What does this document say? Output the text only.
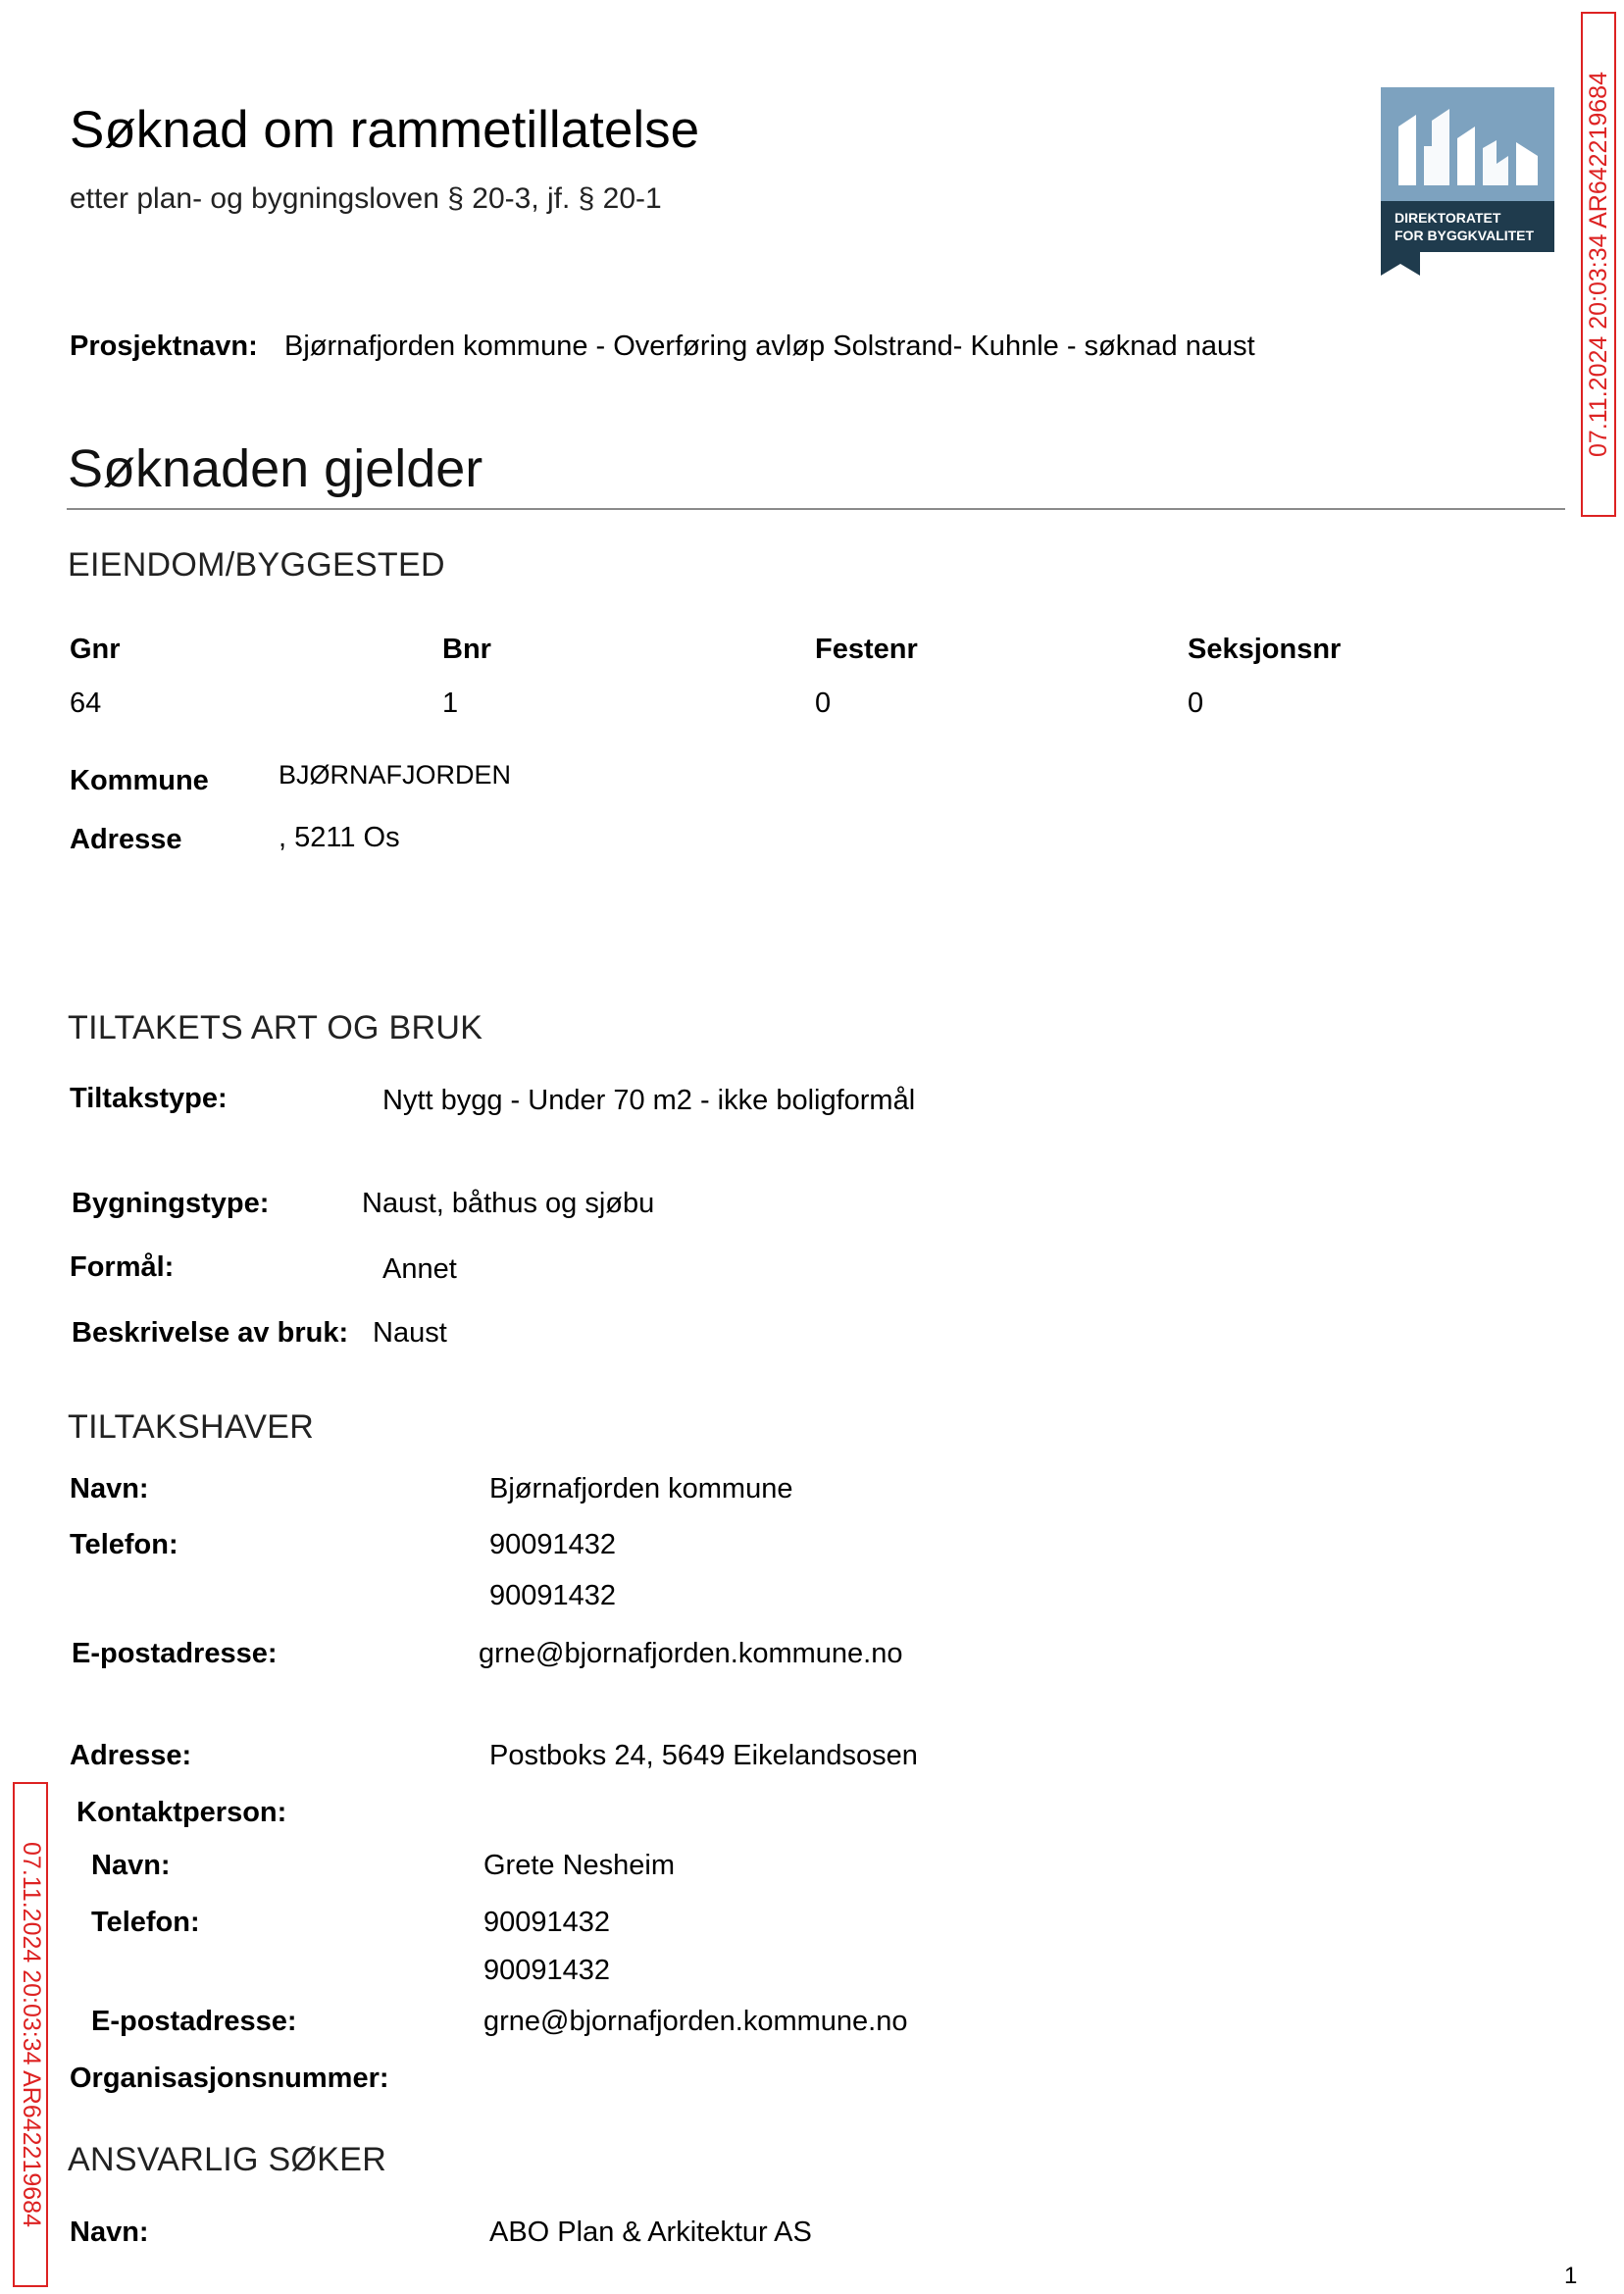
Søknad om rammetillatelse
etter plan- og bygningsloven § 20-3, jf. § 20-1
DIREKTORATET
FOR BYGGKVALITET
Prosjektnavn: Bjørnafjorden kommune - Overføring avløp Solstrand- Kuhnle - søknad naust
Søknaden gjelder
EIENDOM/BYGGESTED
Gnr	Bnr	Festenr	Seksjonsnr
64	1	0	0
Kommune	BJØRNAFJORDEN
Adresse	, 5211 Os
TILTAKETS ART OG BRUK
Tiltakstype:	Nytt bygg - Under 70 m2 - ikke boligformål
Bygningstype:	Naust, båthus og sjøbu
Formål:	Annet
Beskrivelse av bruk: Naust
TILTAKSHAVER
Navn:	Bjørnafjorden kommune
Telefon:	90091432
90091432
E-postadresse:	grne@bjornafjorden.kommune.no
Adresse:	Postboks 24, 5649 Eikelandsosen
Kontaktperson:
Navn:	Grete Nesheim
Telefon:	90091432
90091432
E-postadresse:	grne@bjornafjorden.kommune.no
Organisasjonsnummer:
ANSVARLIG SØKER
Navn:	ABO Plan & Arkitektur AS
07.11.2024 20:03:34 AR642219684
07.11.2024 20:03:34 AR642219684
1
